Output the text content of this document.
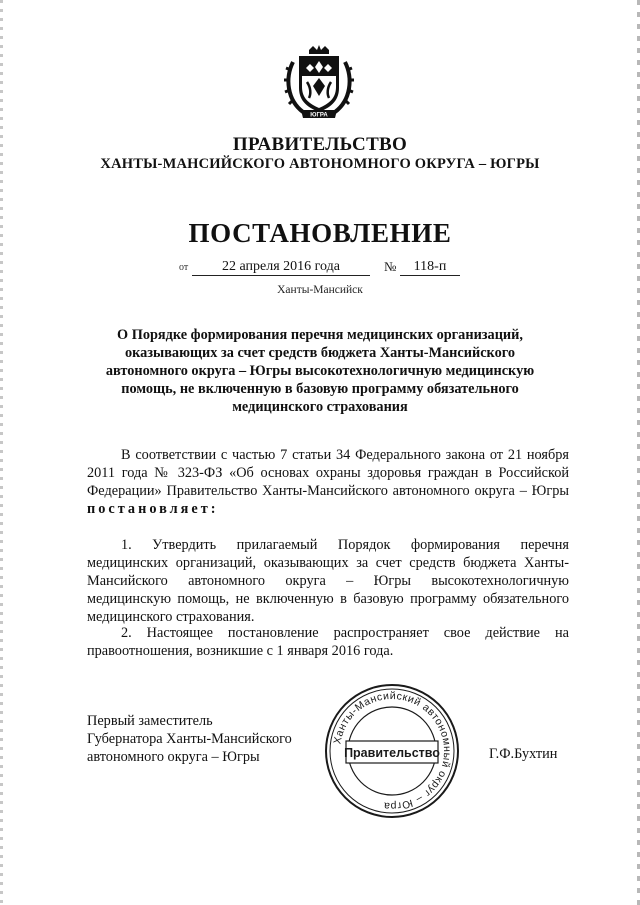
ЮГРА
ПРАВИТЕЛЬСТВО
ХАНТЫ-МАНСИЙСКОГО АВТОНОМНОГО ОКРУГА – ЮГРЫ
ПОСТАНОВЛЕНИЕ
от	22 апреля 2016 года	№	118-п
Ханты-Мансийск
О Порядке формирования перечня медицинских организаций, оказывающих за счет средств бюджета Ханты-Мансийского автономного округа – Югры высокотехнологичную медицинскую помощь, не включенную в базовую программу обязательного медицинского страхования
В соответствии с частью 7 статьи 34 Федерального закона от 21 ноября 2011 года № 323-ФЗ «Об основах охраны здоровья граждан в Российской Федерации» Правительство Ханты-Мансийского автономного округа – Югры постановляет:
1. Утвердить прилагаемый Порядок формирования перечня медицинских организаций, оказывающих за счет средств бюджета Ханты-Мансийского автономного округа – Югры высокотехнологичную медицинскую помощь, не включенную в базовую программу обязательного медицинского страхования.
2. Настоящее постановление распространяет свое действие на правоотношения, возникшие с 1 января 2016 года.
Первый заместитель
Губернатора Ханты-Мансийского
автономного округа – Югры
Ханты-Мансийский автономный округ – Югра
Правительство	Г.Ф.Бухтин
